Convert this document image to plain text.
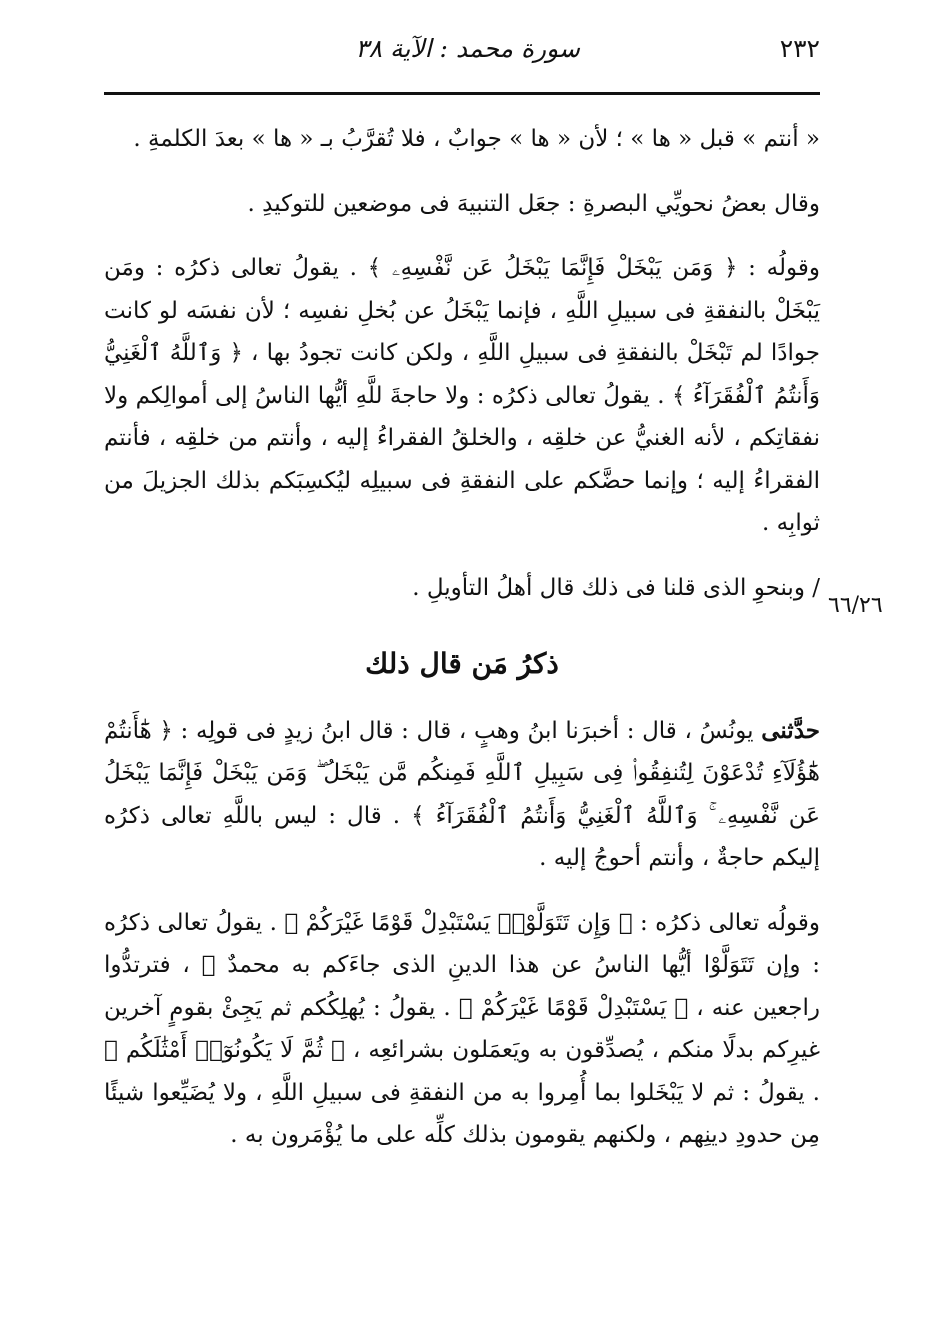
٢٣٢
سورة محمد : الآية ٣٨
٦٦/٢٦

« أنتم » قبل « ها » ؛ لأن « ها » جوابٌ ، فلا تُقرَّبُ بـ « ها » بعدَ الكلمةِ .

وقال بعضُ نحويِّي البصرةِ : جعَل التنبيهَ فى موضعين للتوكيدِ .

وقولُه : ﴿ وَمَن يَبْخَلْ فَإِنَّمَا يَبْخَلُ عَن نَّفْسِهِۦ ﴾ . يقولُ تعالى ذكرُه : ومَن يَبْخَلْ بالنفقةِ فى سبيلِ اللَّهِ ، فإنما يَبْخَلُ عن بُخلِ نفسِه ؛ لأن نفسَه لو كانت جوادًا لم تَبْخَلْ بالنفقةِ فى سبيلِ اللَّهِ ، ولكن كانت تجودُ بها ، ﴿ وَٱللَّهُ ٱلْغَنِيُّ وَأَنتُمُ ٱلْفُقَرَآءُ ﴾ . يقولُ تعالى ذكرُه : ولا حاجةَ للَّهِ أيُّها الناسُ إلى أموالِكم ولا نفقاتِكم ، لأنه الغنيُّ عن خلقِه ، والخلقُ الفقراءُ إليه ، وأنتم من خلقِه ، فأنتم الفقراءُ إليه ؛ وإنما حضَّكم على النفقةِ فى سبيلِه ليُكسِبَكم بذلك الجزيلَ من ثوابِه .

/ وبنحوِ الذى قلنا فى ذلك قال أهلُ التأويلِ .

ذكرُ مَن قال ذلك

حدَّثنى يونُسُ ، قال : أخبرَنا ابنُ وهبٍ ، قال : قال ابنُ زيدٍ فى قولِه : ﴿ هَٰٓأَنتُمْ هَٰٓؤُلَآءِ تُدْعَوْنَ لِتُنفِقُوا۟ فِى سَبِيلِ ٱللَّهِ فَمِنكُم مَّن يَبْخَلُ ۖ وَمَن يَبْخَلْ فَإِنَّمَا يَبْخَلُ عَن نَّفْسِهِۦ ۚ وَٱللَّهُ ٱلْغَنِيُّ وَأَنتُمُ ٱلْفُقَرَآءُ ﴾ . قال : ليس باللَّهِ تعالى ذكرُه إليكم حاجةٌ ، وأنتم أحوجُ إليه .

وقولُه تعالى ذكرُه : ﴿ وَإِن تَتَوَلَّوْا۟ يَسْتَبْدِلْ قَوْمًا غَيْرَكُمْ ﴾ . يقولُ تعالى ذكرُه : وإن تَتَوَلَّوْا أيُّها الناسُ عن هذا الدينِ الذى جاءَكم به محمدٌ ﷺ ، فترتدُّوا راجعين عنه ، ﴿ يَسْتَبْدِلْ قَوْمًا غَيْرَكُمْ ﴾ . يقولُ : يُهلِكُكم ثم يَجِئْ بقومٍ آخرين غيرِكم بدلًا منكم ، يُصدِّقون به ويَعمَلون بشرائعِه ، ﴿ ثُمَّ لَا يَكُونُوٓا۟ أَمْثَٰلَكُم ﴾ . يقولُ : ثم لا يَبْخَلوا بما أُمِروا به من النفقةِ فى سبيلِ اللَّهِ ، ولا يُضَيِّعوا شيئًا مِن حدودِ دينِهم ، ولكنهم يقومون بذلك كلِّه على ما يُؤْمَرون به .
